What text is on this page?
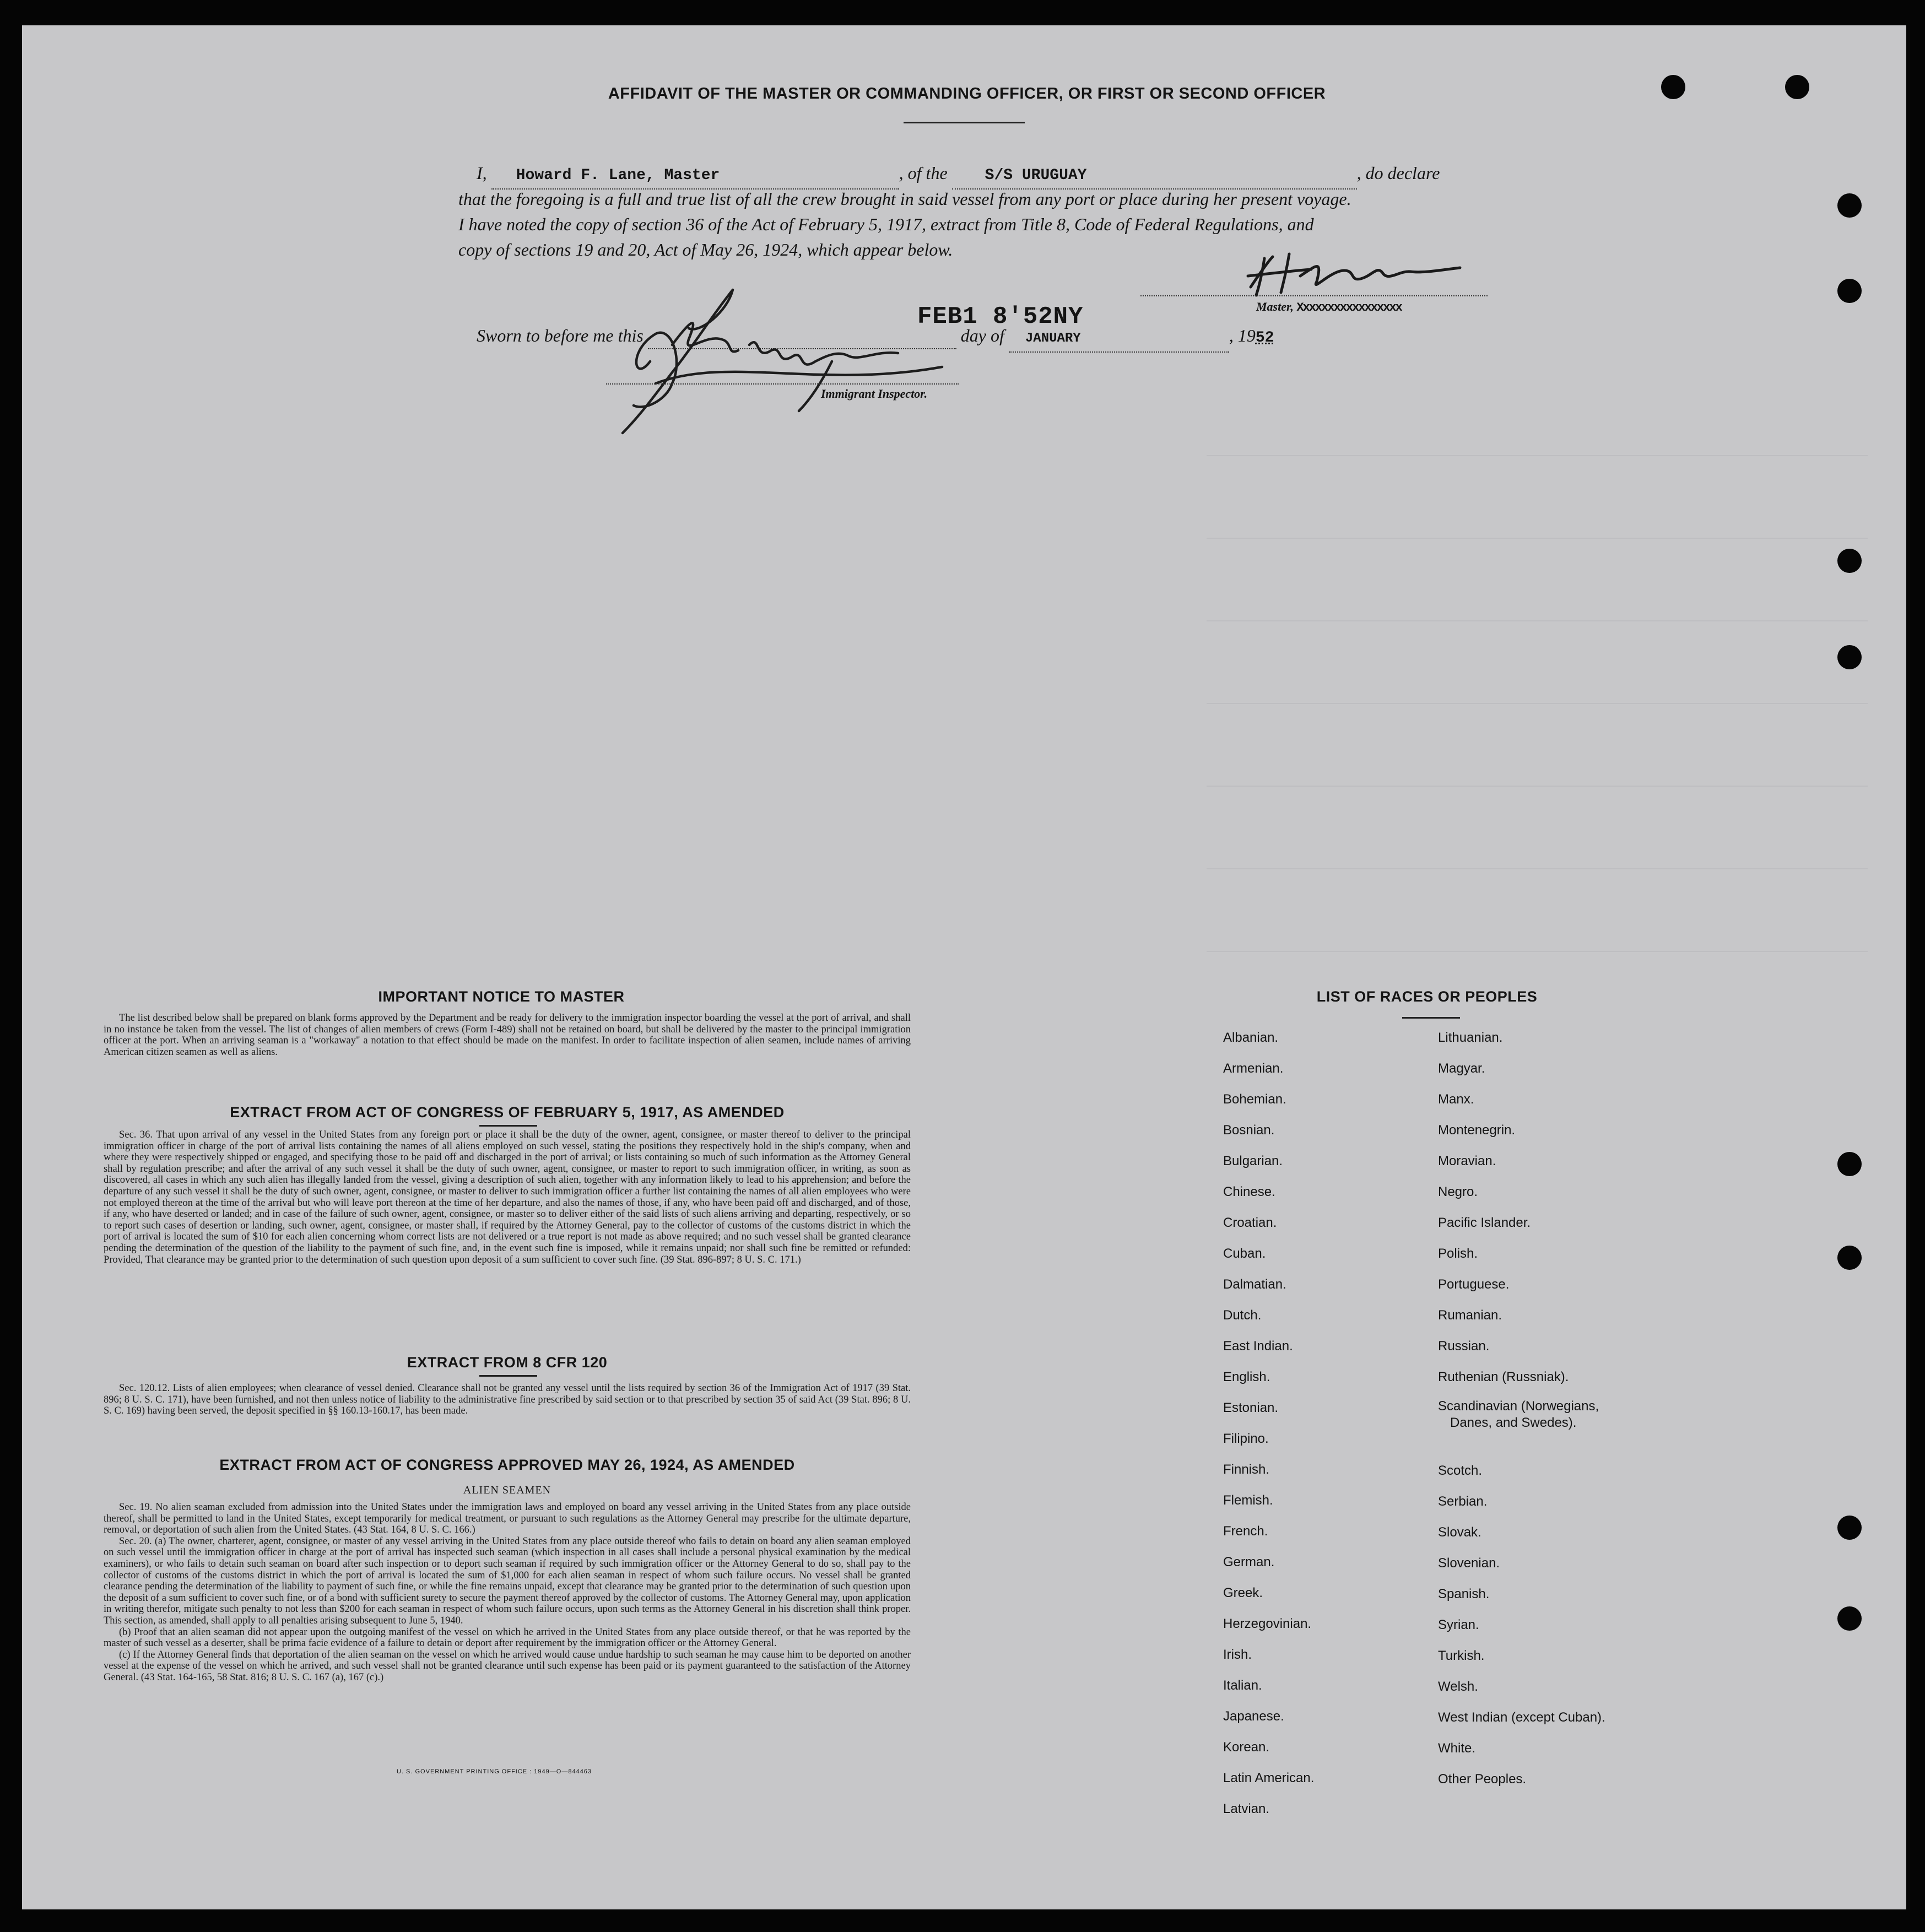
AFFIDAVIT OF THE MASTER OR COMMANDING OFFICER, OR FIRST OR SECOND OFFICER
I, Howard F. Lane, Master	, of the S/S URUGUAY	, do declare
that the foregoing is a full and true list of all the crew brought in said vessel from any port or place during her present voyage.
I have noted the copy of section 36 of the Act of February 5, 1917, extract from Title 8, Code of Federal Regulations, and
copy of sections 19 and 20, Act of May 26, 1924, which appear below.
Master, Xxxxxxxxxxxxxxxxx
Sworn to before me this	day of JANUARY	, 1952
FEB1 8'52NY
Immigrant Inspector.
IMPORTANT NOTICE TO MASTER

The list described below shall be prepared on blank forms approved by the Department and be ready for delivery to the immigration inspector boarding the vessel at the port of arrival, and shall in no instance be taken from the vessel. The list of changes of alien members of crews (Form I-489) shall not be retained on board, but shall be delivered by the master to the principal immigration officer at the port. When an arriving seaman is a "workaway" a notation to that effect should be made on the manifest. In order to facilitate inspection of alien seamen, include names of arriving American citizen seamen as well as aliens.

EXTRACT FROM ACT OF CONGRESS OF FEBRUARY 5, 1917, AS AMENDED

Sec. 36. That upon arrival of any vessel in the United States from any foreign port or place it shall be the duty of the owner, agent, consignee, or master thereof to deliver to the principal immigration officer in charge of the port of arrival lists containing the names of all aliens employed on such vessel, stating the positions they respectively hold in the ship's company, when and where they were respectively shipped or engaged, and specifying those to be paid off and discharged in the port of arrival; or lists containing so much of such information as the Attorney General shall by regulation prescribe; and after the arrival of any such vessel it shall be the duty of such owner, agent, consignee, or master to report to such immigration officer, in writing, as soon as discovered, all cases in which any such alien has illegally landed from the vessel, giving a description of such alien, together with any information likely to lead to his apprehension; and before the departure of any such vessel it shall be the duty of such owner, agent, consignee, or master to deliver to such immigration officer a further list containing the names of all alien employees who were not employed thereon at the time of the arrival but who will leave port thereon at the time of her departure, and also the names of those, if any, who have been paid off and discharged, and of those, if any, who have deserted or landed; and in case of the failure of such owner, agent, consignee, or master so to deliver either of the said lists of such aliens arriving and departing, respectively, or so to report such cases of desertion or landing, such owner, agent, consignee, or master shall, if required by the Attorney General, pay to the collector of customs of the customs district in which the port of arrival is located the sum of $10 for each alien concerning whom correct lists are not delivered or a true report is not made as above required; and no such vessel shall be granted clearance pending the determination of the question of the liability to the payment of such fine, and, in the event such fine is imposed, while it remains unpaid; nor shall such fine be remitted or refunded: Provided, That clearance may be granted prior to the determination of such question upon deposit of a sum sufficient to cover such fine. (39 Stat. 896-897; 8 U. S. C. 171.)

EXTRACT FROM 8 CFR 120

Sec. 120.12. Lists of alien employees; when clearance of vessel denied. Clearance shall not be granted any vessel until the lists required by section 36 of the Immigration Act of 1917 (39 Stat. 896; 8 U. S. C. 171), have been furnished, and not then unless notice of liability to the administrative fine prescribed by said section or to that prescribed by section 35 of said Act (39 Stat. 896; 8 U. S. C. 169) having been served, the deposit specified in §§ 160.13-160.17, has been made.

EXTRACT FROM ACT OF CONGRESS APPROVED MAY 26, 1924, AS AMENDED
ALIEN SEAMEN

Sec. 19. No alien seaman excluded from admission into the United States under the immigration laws and employed on board any vessel arriving in the United States from any place outside thereof, shall be permitted to land in the United States, except temporarily for medical treatment, or pursuant to such regulations as the Attorney General may prescribe for the ultimate departure, removal, or deportation of such alien from the United States. (43 Stat. 164, 8 U. S. C. 166.)

Sec. 20. (a) The owner, charterer, agent, consignee, or master of any vessel arriving in the United States from any place outside thereof who fails to detain on board any alien seaman employed on such vessel until the immigration officer in charge at the port of arrival has inspected such seaman (which inspection in all cases shall include a personal physical examination by the medical examiners), or who fails to detain such seaman on board after such inspection or to deport such seaman if required by such immigration officer or the Attorney General to do so, shall pay to the collector of customs of the customs district in which the port of arrival is located the sum of $1,000 for each alien seaman in respect of whom such failure occurs. No vessel shall be granted clearance pending the determination of the liability to payment of such fine, or while the fine remains unpaid, except that clearance may be granted prior to the determination of such question upon the deposit of a sum sufficient to cover such fine, or of a bond with sufficient surety to secure the payment thereof approved by the collector of customs. The Attorney General may, upon application in writing therefor, mitigate such penalty to not less than $200 for each seaman in respect of whom such failure occurs, upon such terms as the Attorney General in his discretion shall think proper. This section, as amended, shall apply to all penalties arising subsequent to June 5, 1940.

(b) Proof that an alien seaman did not appear upon the outgoing manifest of the vessel on which he arrived in the United States from any place outside thereof, or that he was reported by the master of such vessel as a deserter, shall be prima facie evidence of a failure to detain or deport after requirement by the immigration officer or the Attorney General.

(c) If the Attorney General finds that deportation of the alien seaman on the vessel on which he arrived would cause undue hardship to such seaman he may cause him to be deported on another vessel at the expense of the vessel on which he arrived, and such vessel shall not be granted clearance until such expense has been paid or its payment guaranteed to the satisfaction of the Attorney General. (43 Stat. 164-165, 58 Stat. 816; 8 U. S. C. 167 (a), 167 (c).)

U. S. GOVERNMENT PRINTING OFFICE : 1949—O—844463
LIST OF RACES OR PEOPLES
Albanian.
Armenian.
Bohemian.
Bosnian.
Bulgarian.
Chinese.
Croatian.
Cuban.
Dalmatian.
Dutch.
East Indian.
English.
Estonian.
Filipino.
Finnish.
Flemish.
French.
German.
Greek.
Herzegovinian.
Irish.
Italian.
Japanese.
Korean.
Latin American.
Latvian.
Lithuanian.
Magyar.
Manx.
Montenegrin.
Moravian.
Negro.
Pacific Islander.
Polish.
Portuguese.
Rumanian.
Russian.
Ruthenian (Russniak).
Scandinavian (Norwegians,
Danes, and Swedes).
Scotch.
Serbian.
Slovak.
Slovenian.
Spanish.
Syrian.
Turkish.
Welsh.
West Indian (except Cuban).
White.
Other Peoples.
